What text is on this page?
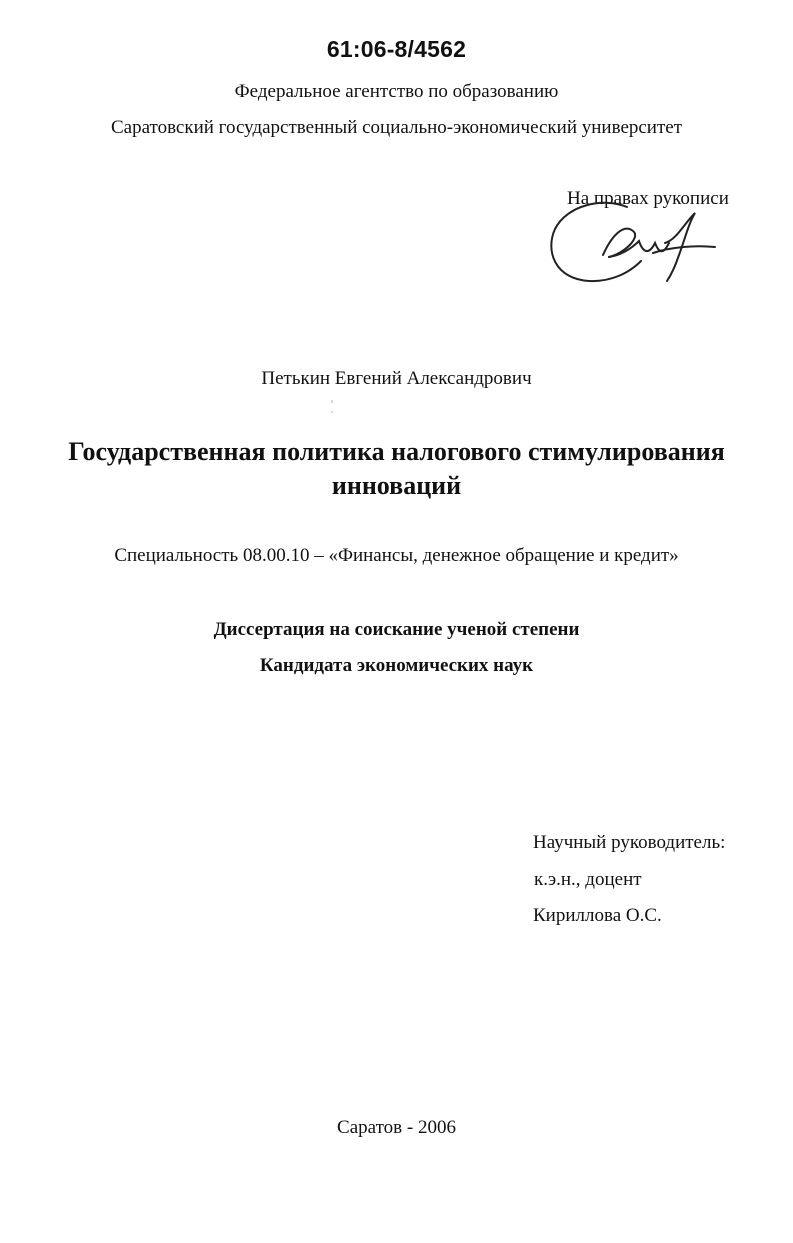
61:06-8/4562
Федеральное агентство по образованию
Саратовский государственный социально-экономический университет
На правах рукописи
Петькин Евгений Александрович
Государственная политика налогового стимулирования
инноваций
Специальность 08.00.10 – «Финансы, денежное обращение и кредит»
Диссертация на соискание ученой степени
Кандидата экономических наук
Научный руководитель:
к.э.н., доцент
Кириллова О.С.
Саратов - 2006
